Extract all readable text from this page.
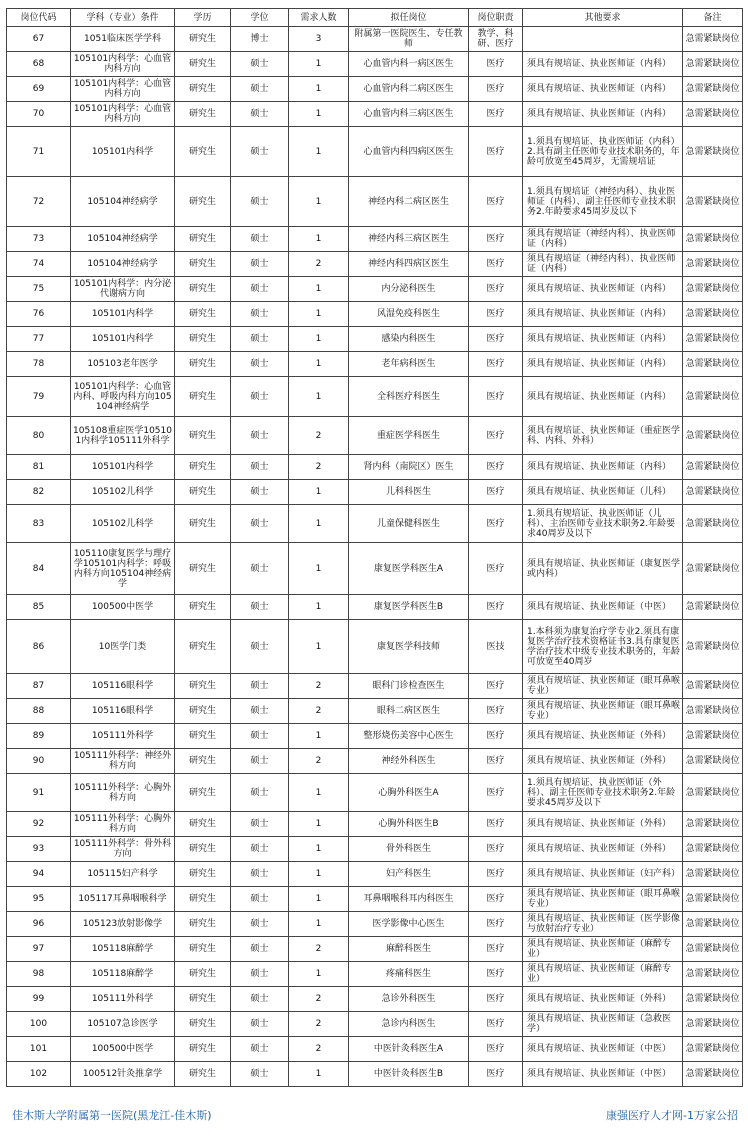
岗位代码	学科（专业）条件	学历	学位	需求人数	拟任岗位	岗位职责	其他要求	备注
67	1051临床医学学科	研究生	博士	3	附属第一医院医生、专任教师	教学、科研、医疗		急需紧缺岗位
68	105101内科学：心血管内科方向	研究生	硕士	1	心血管内科一病区医生	医疗	须具有规培证、执业医师证（内科）	急需紧缺岗位
69	105101内科学：心血管内科方向	研究生	硕士	1	心血管内科二病区医生	医疗	须具有规培证、执业医师证（内科）	急需紧缺岗位
70	105101内科学：心血管内科方向	研究生	硕士	1	心血管内科三病区医生	医疗	须具有规培证、执业医师证（内科）	急需紧缺岗位
71	105101内科学	研究生	硕士	1	心血管内科四病区医生	医疗	1.须具有规培证、执业医师证（内科）2.具有副主任医师专业技术职务的，年龄可放宽至45周岁，无需规培证	急需紧缺岗位
72	105104神经病学	研究生	硕士	1	神经内科二病区医生	医疗	1.须具有规培证（神经内科）、执业医师证（内科）、副主任医师专业技术职务2.年龄要求45周岁及以下	急需紧缺岗位
73	105104神经病学	研究生	硕士	1	神经内科三病区医生	医疗	须具有规培证（神经内科）、执业医师证（内科）	急需紧缺岗位
74	105104神经病学	研究生	硕士	2	神经内科四病区医生	医疗	须具有规培证（神经内科）、执业医师证（内科）	急需紧缺岗位
75	105101内科学：内分泌代谢病方向	研究生	硕士	1	内分泌科医生	医疗	须具有规培证、执业医师证（内科）	急需紧缺岗位
76	105101内科学	研究生	硕士	1	风湿免疫科医生	医疗	须具有规培证、执业医师证（内科）	急需紧缺岗位
77	105101内科学	研究生	硕士	1	感染内科医生	医疗	须具有规培证、执业医师证（内科）	急需紧缺岗位
78	105103老年医学	研究生	硕士	1	老年病科医生	医疗	须具有规培证、执业医师证（内科）	急需紧缺岗位
79	105101内科学：心血管内科、呼吸内科方向105104神经病学	研究生	硕士	1	全科医疗科医生	医疗	须具有规培证、执业医师证（内科）	急需紧缺岗位
80	105108重症医学105101内科学105111外科学	研究生	硕士	2	重症医学科医生	医疗	须具有规培证、执业医师证（重症医学科、内科、外科）	急需紧缺岗位
81	105101内科学	研究生	硕士	2	肾内科（南院区）医生	医疗	须具有规培证、执业医师证（内科）	急需紧缺岗位
82	105102儿科学	研究生	硕士	1	儿科科医生	医疗	须具有规培证、执业医师证（儿科）	急需紧缺岗位
83	105102儿科学	研究生	硕士	1	儿童保健科医生	医疗	1.须具有规培证、执业医师证（儿科）、主治医师专业技术职务2.年龄要求40周岁及以下	急需紧缺岗位
84	105110康复医学与理疗学105101内科学：呼吸内科方向105104神经病学	研究生	硕士	1	康复医学科医生A	医疗	须具有规培证、执业医师证（康复医学或内科）	急需紧缺岗位
85	100500中医学	研究生	硕士	1	康复医学科医生B	医疗	须具有规培证、执业医师证（中医）	急需紧缺岗位
86	10医学门类	研究生	硕士	1	康复医学科技师	医技	1.本科须为康复治疗学专业2.须具有康复医学治疗技术资格证书3.具有康复医学治疗技术中级专业技术职务的，年龄可放宽至40周岁	急需紧缺岗位
87	105116眼科学	研究生	硕士	2	眼科门诊检查医生	医疗	须具有规培证、执业医师证（眼耳鼻喉专业）	急需紧缺岗位
88	105116眼科学	研究生	硕士	2	眼科二病区医生	医疗	须具有规培证、执业医师证（眼耳鼻喉专业）	急需紧缺岗位
89	105111外科学	研究生	硕士	1	整形烧伤美容中心医生	医疗	须具有规培证、执业医师证（外科）	急需紧缺岗位
90	105111外科学：神经外科方向	研究生	硕士	2	神经外科医生	医疗	须具有规培证、执业医师证（外科）	急需紧缺岗位
91	105111外科学：心胸外科方向	研究生	硕士	1	心胸外科医生A	医疗	1.须具有规培证、执业医师证（外科）、副主任医师专业技术职务2.年龄要求45周岁及以下	急需紧缺岗位
92	105111外科学：心胸外科方向	研究生	硕士	1	心胸外科医生B	医疗	须具有规培证、执业医师证（外科）	急需紧缺岗位
93	105111外科学：骨外科方向	研究生	硕士	1	骨外科医生	医疗	须具有规培证、执业医师证（外科）	急需紧缺岗位
94	105115妇产科学	研究生	硕士	1	妇产科医生	医疗	须具有规培证、执业医师证（妇产科）	急需紧缺岗位
95	105117耳鼻咽喉科学	研究生	硕士	1	耳鼻咽喉科耳内科医生	医疗	须具有规培证、执业医师证（眼耳鼻喉专业）	急需紧缺岗位
96	105123放射影像学	研究生	硕士	1	医学影像中心医生	医疗	须具有规培证、执业医师证（医学影像与放射治疗专业）	急需紧缺岗位
97	105118麻醉学	研究生	硕士	2	麻醉科医生	医疗	须具有规培证、执业医师证（麻醉专业）	急需紧缺岗位
98	105118麻醉学	研究生	硕士	1	疼痛科医生	医疗	须具有规培证、执业医师证（麻醉专业）	急需紧缺岗位
99	105111外科学	研究生	硕士	2	急诊外科医生	医疗	须具有规培证、执业医师证（外科）	急需紧缺岗位
100	105107急诊医学	研究生	硕士	2	急诊内科医生	医疗	须具有规培证、执业医师证（急救医学）	急需紧缺岗位
101	100500中医学	研究生	硕士	2	中医针灸科医生A	医疗	须具有规培证、执业医师证（中医）	急需紧缺岗位
102	100512针灸推拿学	研究生	硕士	1	中医针灸科医生B	医疗	须具有规培证、执业医师证（中医）	急需紧缺岗位
佳木斯大学附属第一医院(黑龙江-佳木斯)	康强医疗人才网-1万家公招
